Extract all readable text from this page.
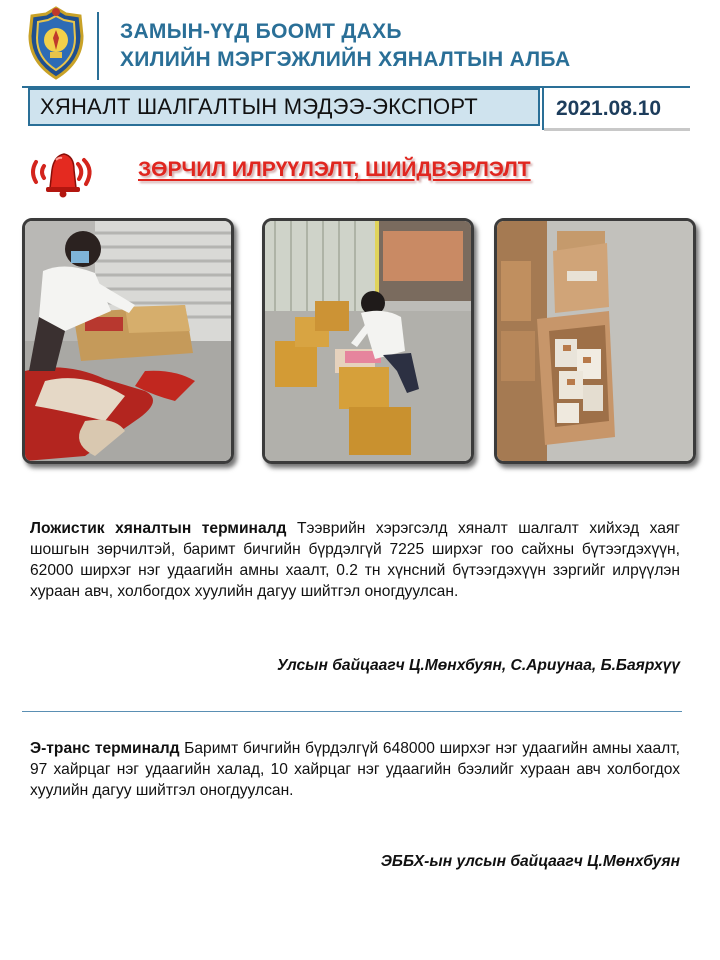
ЗАМЫН-ҮҮД БООМТ ДАХЬ
ХИЛИЙН МЭРГЭЖЛИЙН ХЯНАЛТЫН АЛБА
ХЯНАЛТ ШАЛГАЛТЫН МЭДЭЭ-ЭКСПОРТ	2021.08.10
ЗӨРЧИЛ ИЛРҮҮЛЭЛТ, ШИЙДВЭРЛЭЛТ
Ложистик хяналтын терминалд Тээврийн хэрэгсэлд хяналт шалгалт хийхэд хаяг шошгын зөрчилтэй, баримт бичгийн бүрдэлгүй 7225 ширхэг гоо сайхны бүтээгдэхүүн, 62000 ширхэг нэг удаагийн амны хаалт, 0.2 тн хүнсний бүтээгдэхүүн зэргийг илрүүлэн хураан авч, холбогдох хуулийн дагуу шийтгэл оногдуулсан.
Улсын байцаагч Ц.Мөнхбуян, С.Ариунаа, Б.Баярхүү
Э-транс терминалд Баримт бичгийн бүрдэлгүй 648000 ширхэг нэг удаагийн амны хаалт, 97 хайрцаг нэг удаагийн халад, 10 хайрцаг нэг удаагийн бээлийг хураан авч холбогдох хуулийн дагуу шийтгэл оногдуулсан.
ЭББХ-ын улсын байцаагч Ц.Мөнхбуян
